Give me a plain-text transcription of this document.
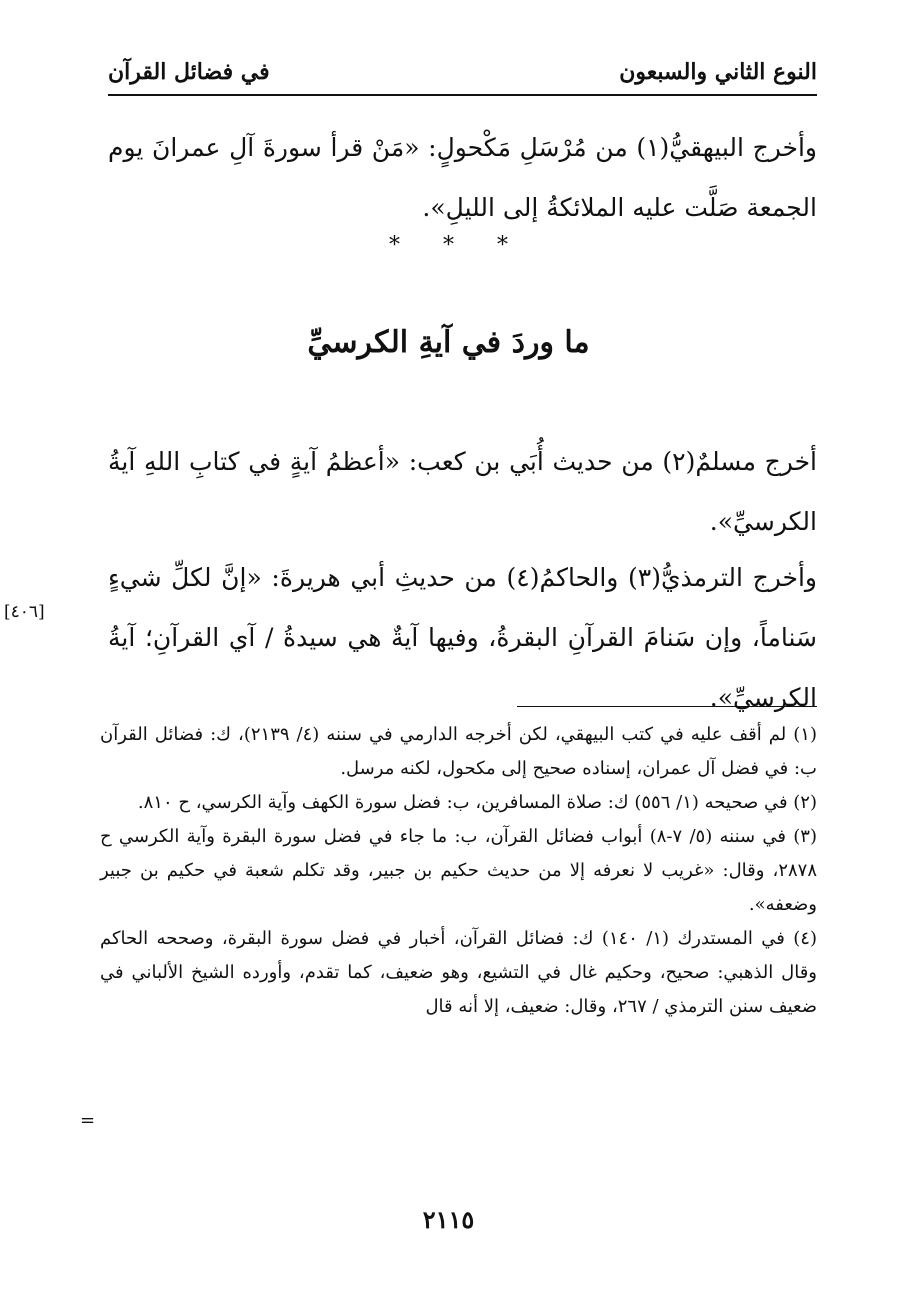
النوع الثاني والسبعون
في فضائل القرآن

وأخرج البيهقيُّ(١) من مُرْسَلِ مَكْحولٍ: «مَنْ قرأ سورةَ آلِ عمرانَ يوم الجمعة صَلَّت عليه الملائكةُ إلى الليلِ».

* * *
ما وردَ في آيةِ الكرسيِّ

أخرج مسلمٌ(٢) من حديث أُبَي بن كعب: «أعظمُ آيةٍ في كتابِ اللهِ آيةُ الكرسيِّ».

وأخرج الترمذيُّ(٣) والحاكمُ(٤) من حديثِ أبي هريرةَ: «إنَّ لكلِّ شيءٍ سَناماً، وإن سَنامَ القرآنِ البقرةُ، وفيها آيةٌ هي سيدةُ / آي القرآنِ؛ آيةُ الكرسيِّ».

[٤٠٦]

(١) لم أقف عليه في كتب البيهقي، لكن أخرجه الدارمي في سننه (٤/ ٢١٣٩)، ك: فضائل القرآن ب: في فضل آل عمران، إسناده صحيح إلى مكحول، لكنه مرسل.

(٢) في صحيحه (١/ ٥٥٦) ك: صلاة المسافرين، ب: فضل سورة الكهف وآية الكرسي، ح ٨١٠.

(٣) في سننه (٥/ ٧-٨) أبواب فضائل القرآن، ب: ما جاء في فضل سورة البقرة وآية الكرسي ح ٢٨٧٨، وقال: «غريب لا نعرفه إلا من حديث حكيم بن جبير، وقد تكلم شعبة في حكيم بن جبير وضعفه».

(٤) في المستدرك (١/ ١٤٠) ك: فضائل القرآن، أخبار في فضل سورة البقرة، وصححه الحاكم وقال الذهبي: صحيح، وحكيم غال في التشيع، وهو ضعيف، كما تقدم، وأورده الشيخ الألباني في ضعيف سنن الترمذي / ٢٦٧، وقال: ضعيف، إلا أنه قال

=
٢١١٥
